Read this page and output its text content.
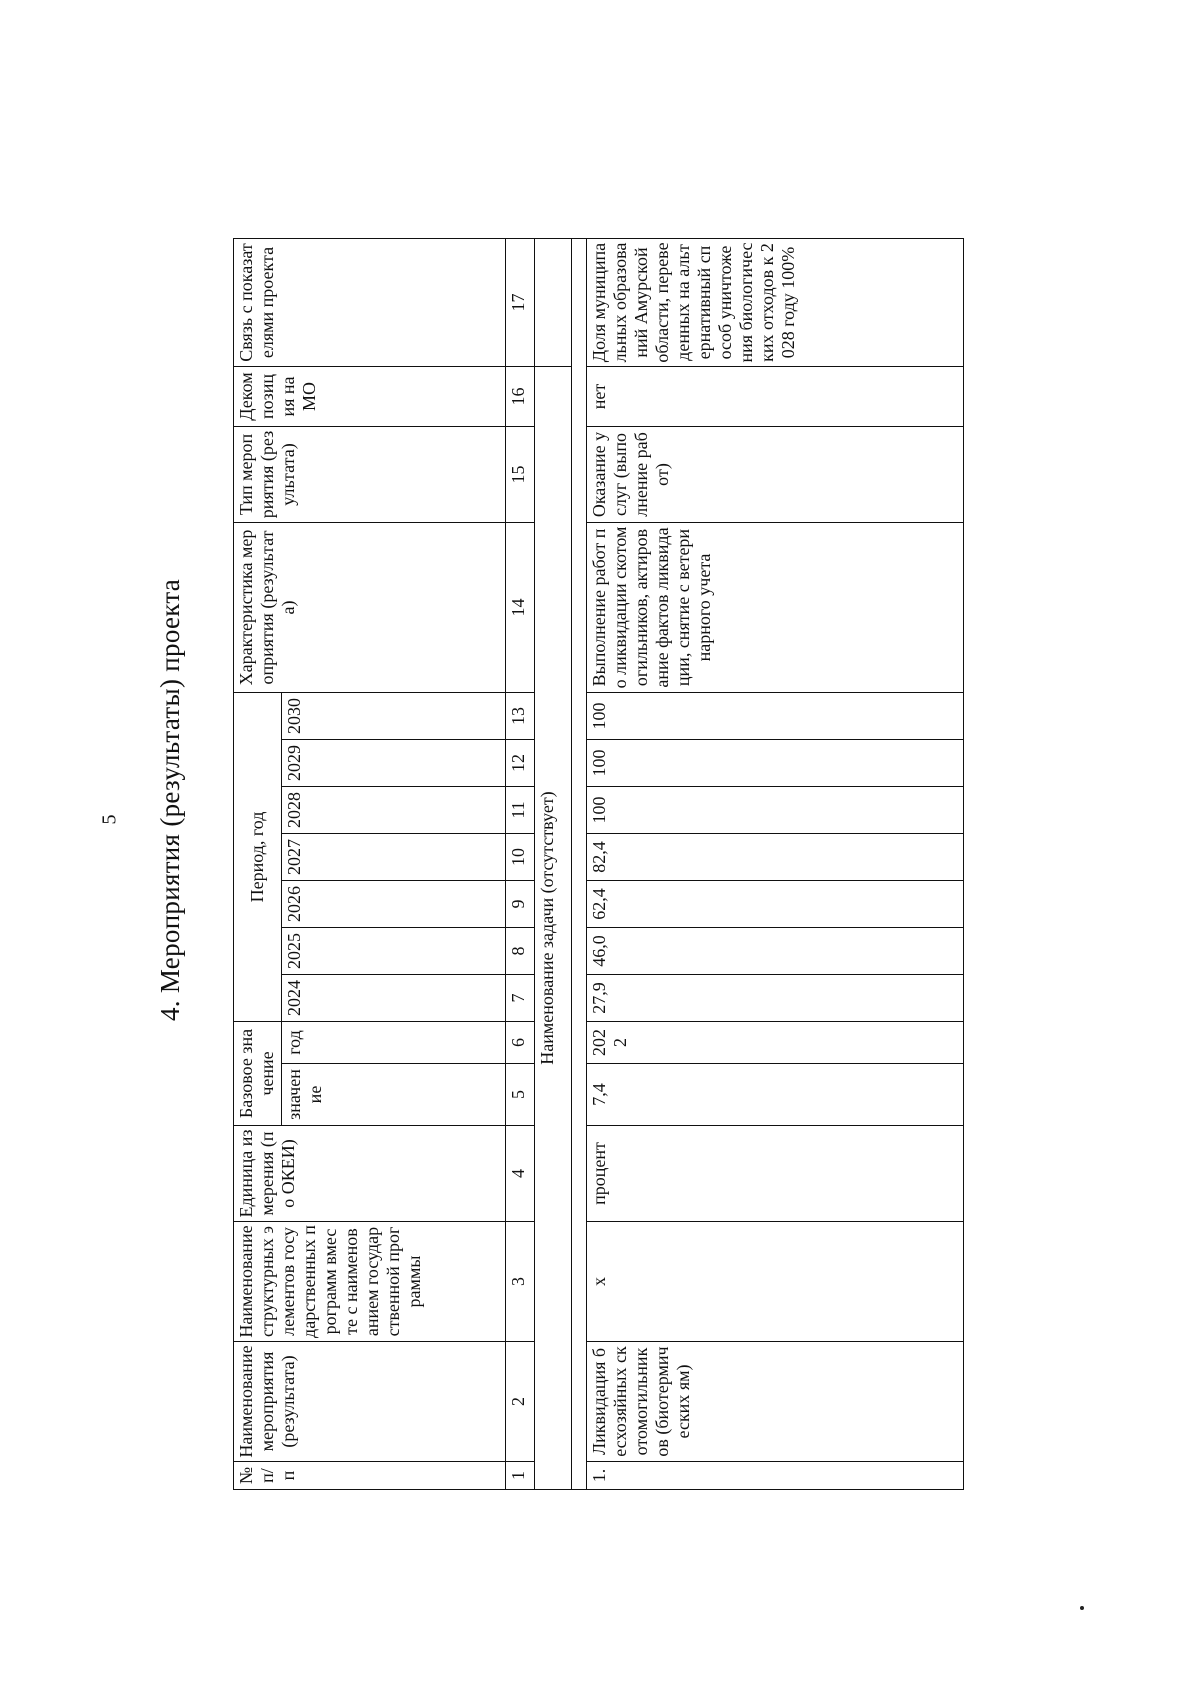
5	4. Мероприятия (результаты) проекта
№ п/п	Наименование мероприятия (результата)	Наименование структурных элементов государственных программ вместе с наименованием государственной программы	Единица измерения (по ОКЕИ)	Базовое значение		Период, год							Характеристика мероприятия (результата)	Тип мероприятия (результата)	Декомпозиция на МО	Связь с показателями проекта
				значение	год	2024	2025	2026	2027	2028	2029	2030				
1	2	3	4	5	6	7	8	9	10	11	12	13	14	15	16	17
Наименование задачи (отсутствует)																

1.	Ликвидация бесхозяйных скотомогильников (биотермических ям)	х	процент	7,4	2022	27,9	46,0	62,4	82,4	100	100	100	Выполнение работ по ликвидации скотомогильников, актирование фактов ликвидации, снятие с ветеринарного учета	Оказание услуг (выполнение работ)	нет	Доля муниципальных образований Амурской области, переведенных на альтернативный способ уничтожения биологических отходов к 2028 году 100%
